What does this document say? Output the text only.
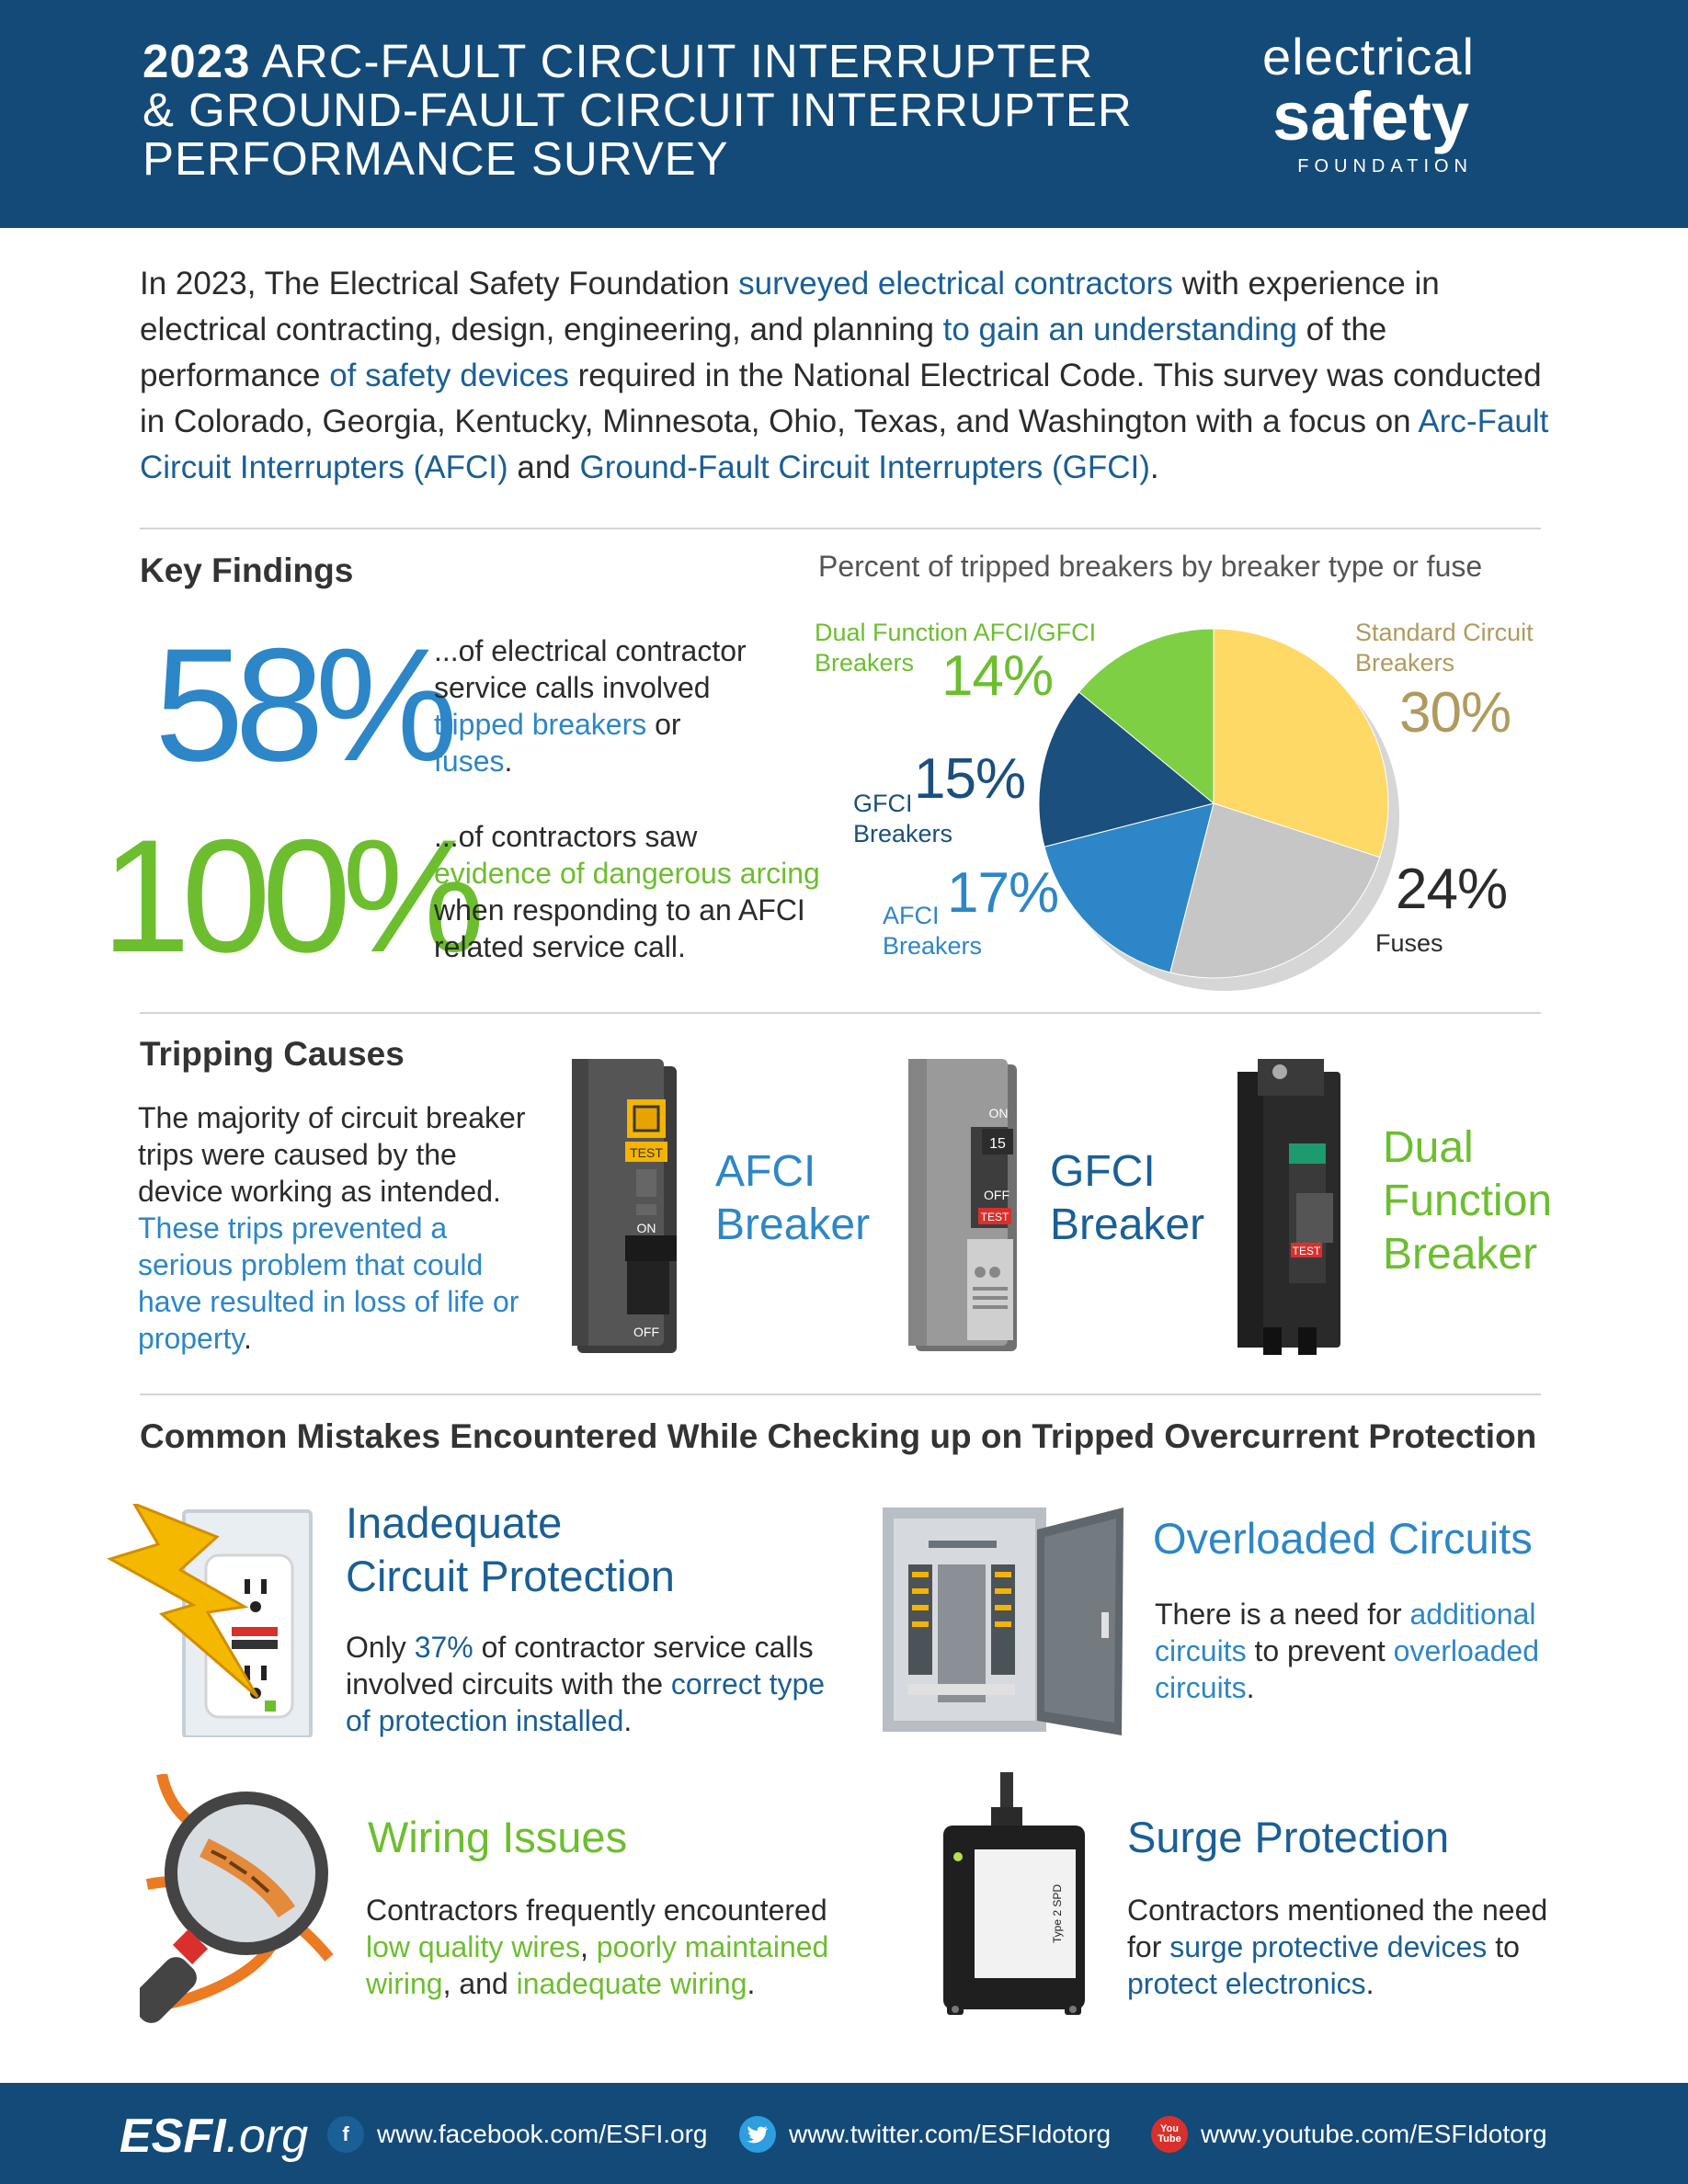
2023 ARC-FAULT CIRCUIT INTERRUPTER
& GROUND-FAULT CIRCUIT INTERRUPTER
PERFORMANCE SURVEY
electrical
safety
FOUNDATION
In 2023, The Electrical Safety Foundation surveyed electrical contractors with experience in electrical contracting, design, engineering, and planning to gain an understanding of the performance of safety devices required in the National Electrical Code. This survey was conducted in Colorado, Georgia, Kentucky, Minnesota, Ohio, Texas, and Washington with a focus on Arc-Fault Circuit Interrupters (AFCI) and Ground-Fault Circuit Interrupters (GFCI).
Key Findings
58%
...of electrical contractor service calls involved tripped breakers or fuses.
100%
...of contractors saw evidence of dangerous arcing when responding to an AFCI related service call.
Percent of tripped breakers by breaker type or fuse
Dual Function AFCI/GFCI
Breakers 14%
Standard Circuit
Breakers
30%
GFCI
Breakers
15%
AFCI
Breakers
17%	24%
Fuses
Tripping Causes
The majority of circuit breaker trips were caused by the device working as intended. These trips prevented a serious problem that could have resulted in loss of life or property.
TEST
ON
OFF
AFCI
Breaker
ON
15
OFF
TEST
GFCI
Breaker
TEST
Dual
Function
Breaker
Common Mistakes Encountered While Checking up on Tripped Overcurrent Protection
Inadequate
Circuit Protection
Only 37% of contractor service calls involved circuits with the correct type of protection installed.
Overloaded Circuits
There is a need for additional circuits to prevent overloaded circuits.
Wiring Issues
Contractors frequently encountered low quality wires, poorly maintained wiring, and inadequate wiring.
Type 2 SPD
Surge Protection
Contractors mentioned the need for surge protective devices to protect electronics.
ESFI.org	f	www.facebook.com/ESFI.org	www.twitter.com/ESFIdotorg	You Tube www.youtube.com/ESFIdotorg
